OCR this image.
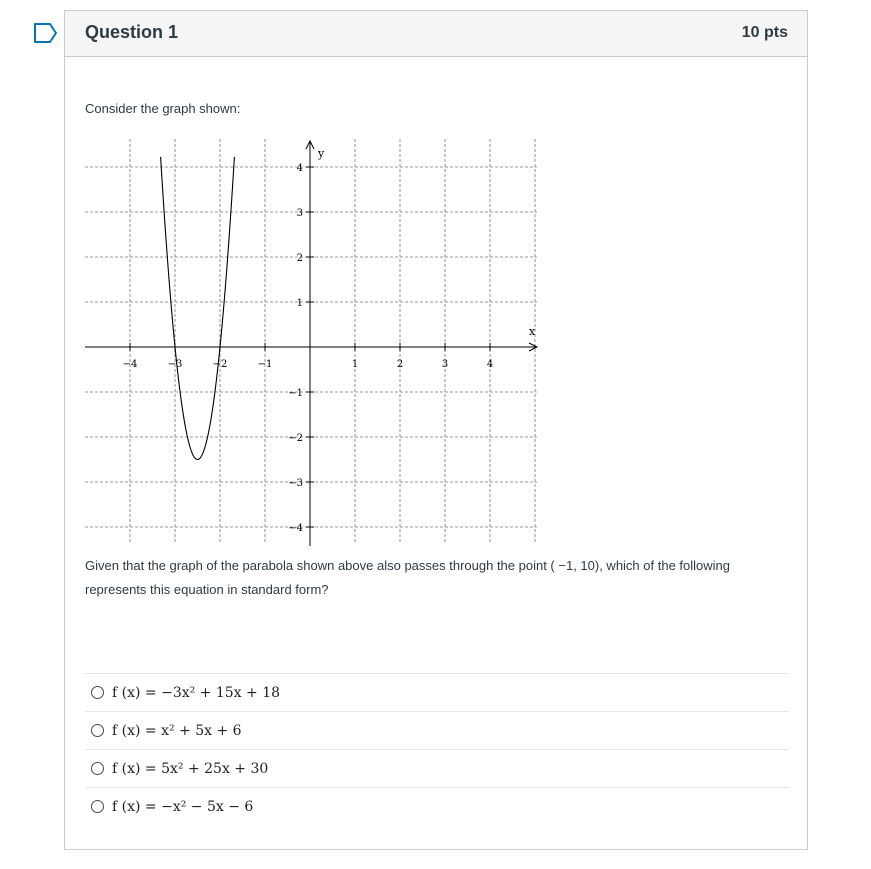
Question 1	10 pts
Consider the graph shown:
−4	−3	−2	−1	1	2	3	4
4
3
2
1
−1
−2
−3
−4
x
y
Given that the graph of the parabola shown above also passes through the point ( −1, 10), which of the following represents this equation in standard form?
f (x) = −3x² + 15x + 18
f (x) = x² + 5x + 6
f (x) = 5x² + 25x + 30
f (x) = −x² − 5x − 6
